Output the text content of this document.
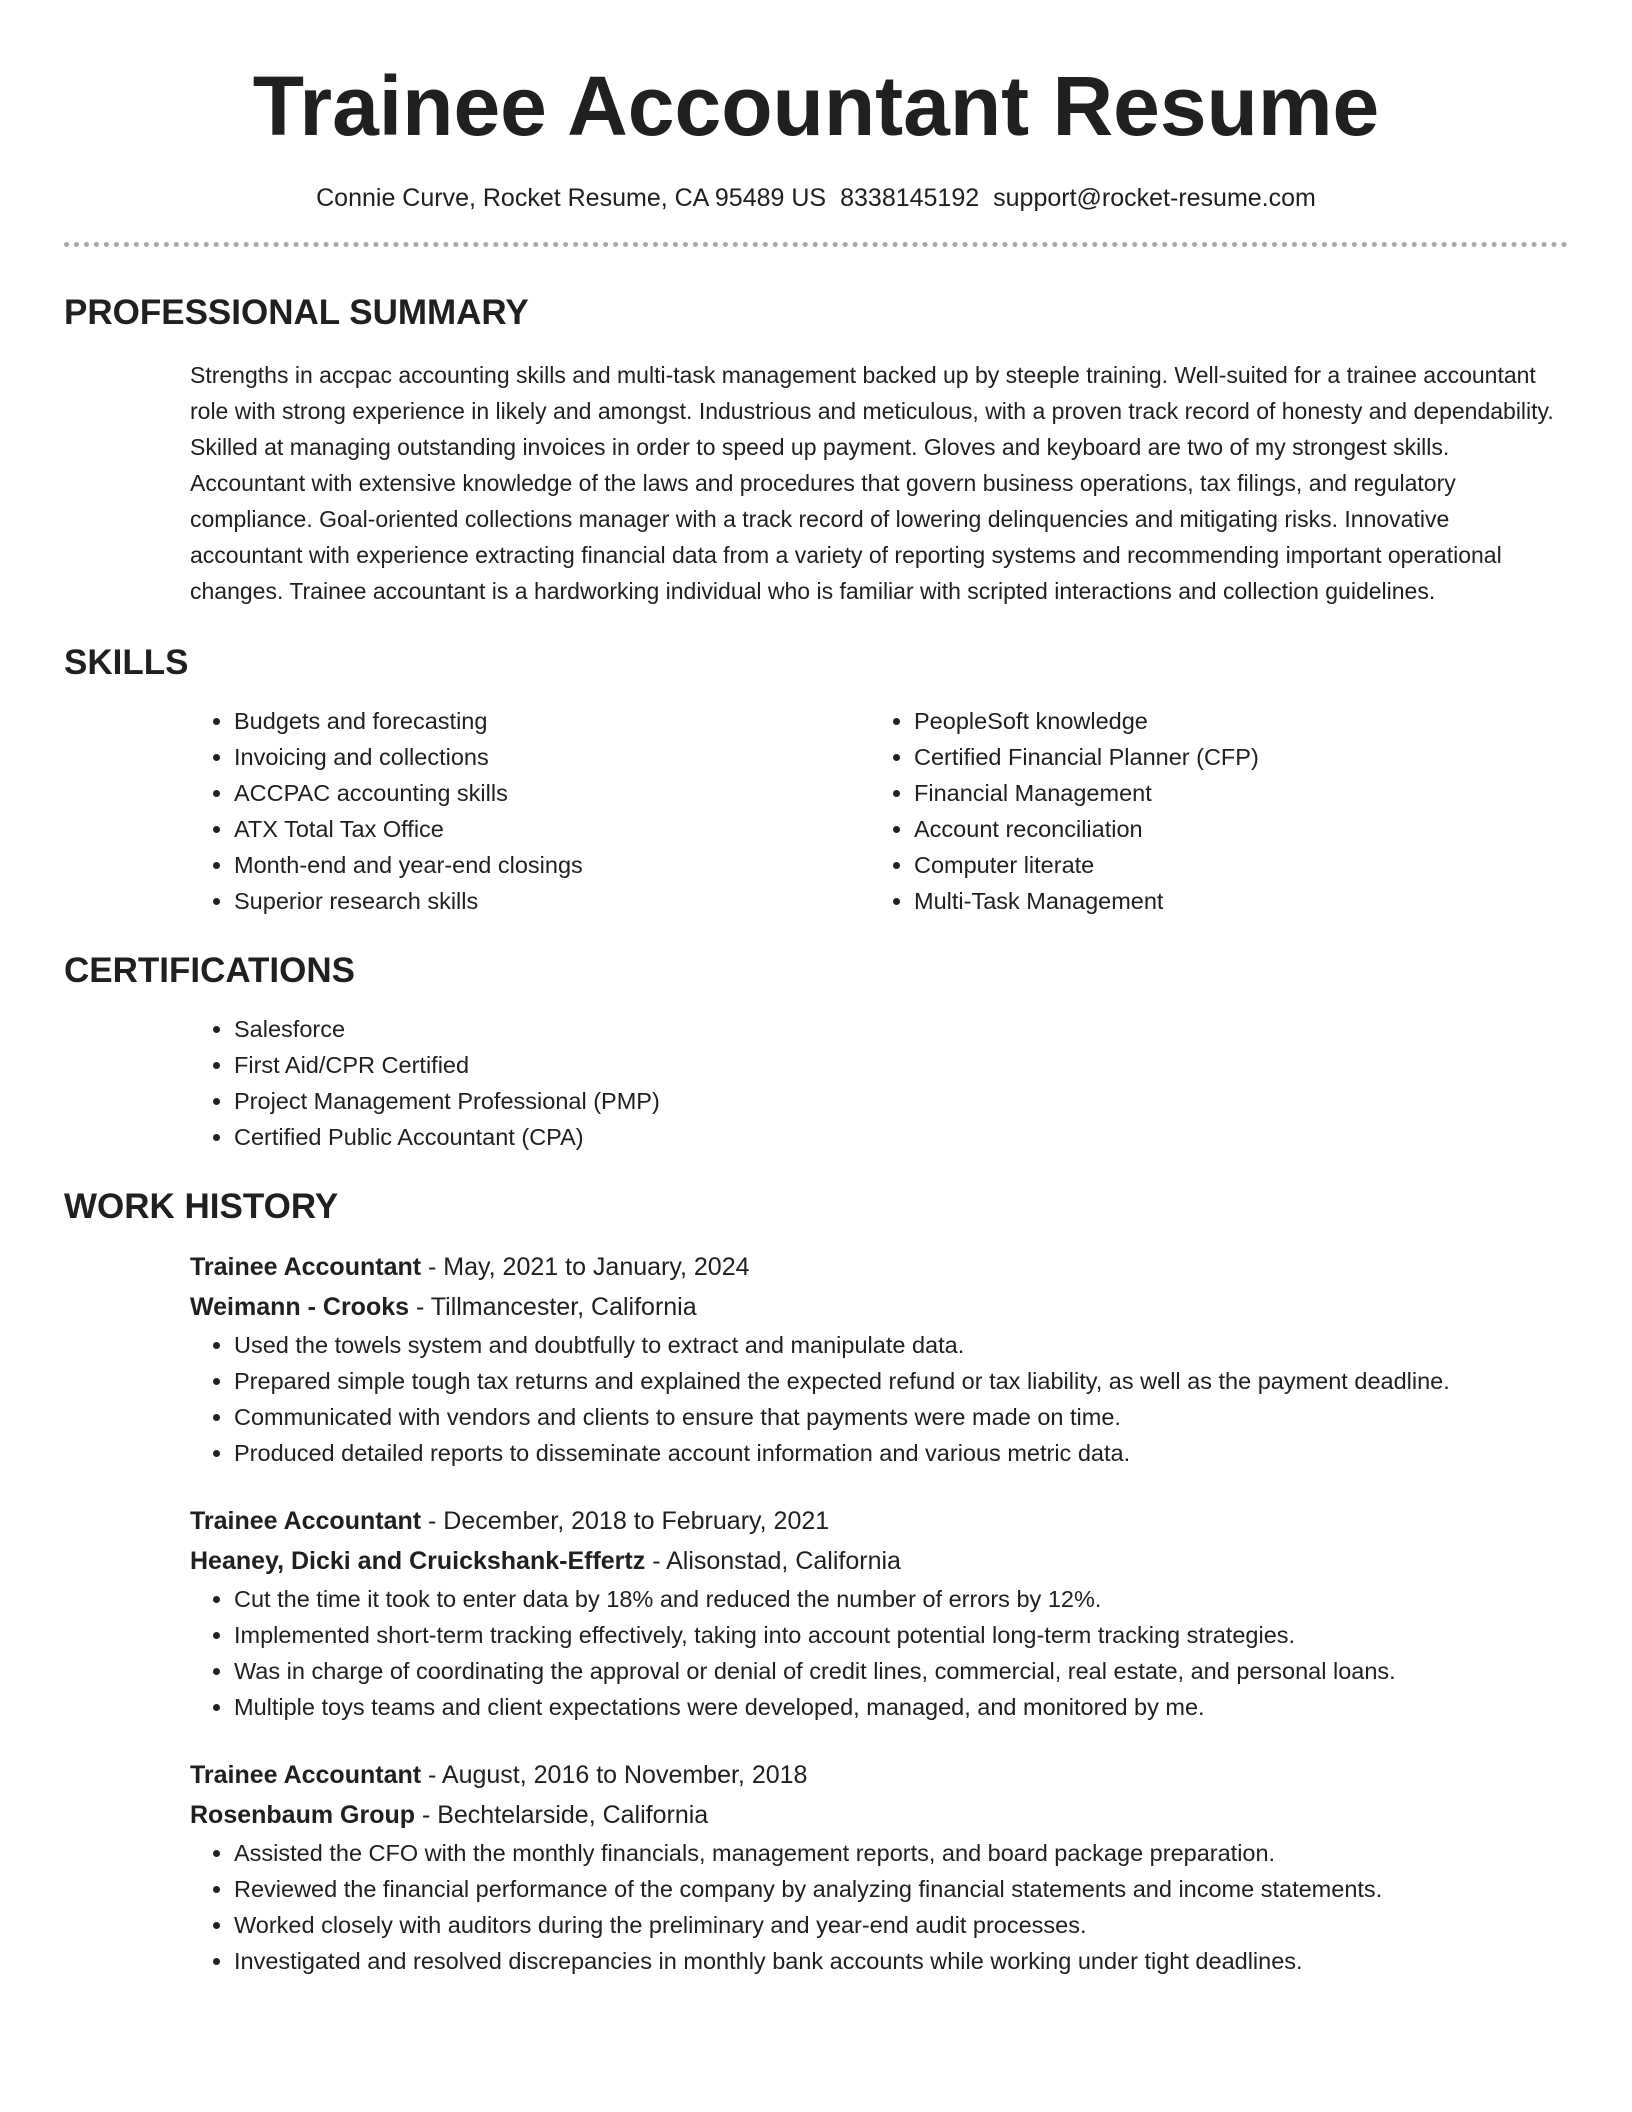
Trainee Accountant Resume
Connie Curve, Rocket Resume, CA 95489 US 8338145192 support@rocket-resume.com
PROFESSIONAL SUMMARY

Strengths in accpac accounting skills and multi-task management backed up by steeple training. Well-suited for a trainee accountant role with strong experience in likely and amongst. Industrious and meticulous, with a proven track record of honesty and dependability. Skilled at managing outstanding invoices in order to speed up payment. Gloves and keyboard are two of my strongest skills. Accountant with extensive knowledge of the laws and procedures that govern business operations, tax filings, and regulatory compliance. Goal-oriented collections manager with a track record of lowering delinquencies and mitigating risks. Innovative accountant with experience extracting financial data from a variety of reporting systems and recommending important operational changes. Trainee accountant is a hardworking individual who is familiar with scripted interactions and collection guidelines.

SKILLS
• Budgets and forecasting
• Invoicing and collections
• ACCPAC accounting skills
• ATX Total Tax Office
• Month-end and year-end closings
• Superior research skills
• PeopleSoft knowledge
• Certified Financial Planner (CFP)
• Financial Management
• Account reconciliation
• Computer literate
• Multi-Task Management
CERTIFICATIONS
• Salesforce
• First Aid/CPR Certified
• Project Management Professional (PMP)
• Certified Public Accountant (CPA)
WORK HISTORY
Trainee Accountant - May, 2021 to January, 2024
Weimann - Crooks - Tillmancester, California
• Used the towels system and doubtfully to extract and manipulate data.
• Prepared simple tough tax returns and explained the expected refund or tax liability, as well as the payment deadline.
• Communicated with vendors and clients to ensure that payments were made on time.
• Produced detailed reports to disseminate account information and various metric data.
Trainee Accountant - December, 2018 to February, 2021
Heaney, Dicki and Cruickshank-Effertz - Alisonstad, California
• Cut the time it took to enter data by 18% and reduced the number of errors by 12%.
• Implemented short-term tracking effectively, taking into account potential long-term tracking strategies.
• Was in charge of coordinating the approval or denial of credit lines, commercial, real estate, and personal loans.
• Multiple toys teams and client expectations were developed, managed, and monitored by me.
Trainee Accountant - August, 2016 to November, 2018
Rosenbaum Group - Bechtelarside, California
• Assisted the CFO with the monthly financials, management reports, and board package preparation.
• Reviewed the financial performance of the company by analyzing financial statements and income statements.
• Worked closely with auditors during the preliminary and year-end audit processes.
• Investigated and resolved discrepancies in monthly bank accounts while working under tight deadlines.
